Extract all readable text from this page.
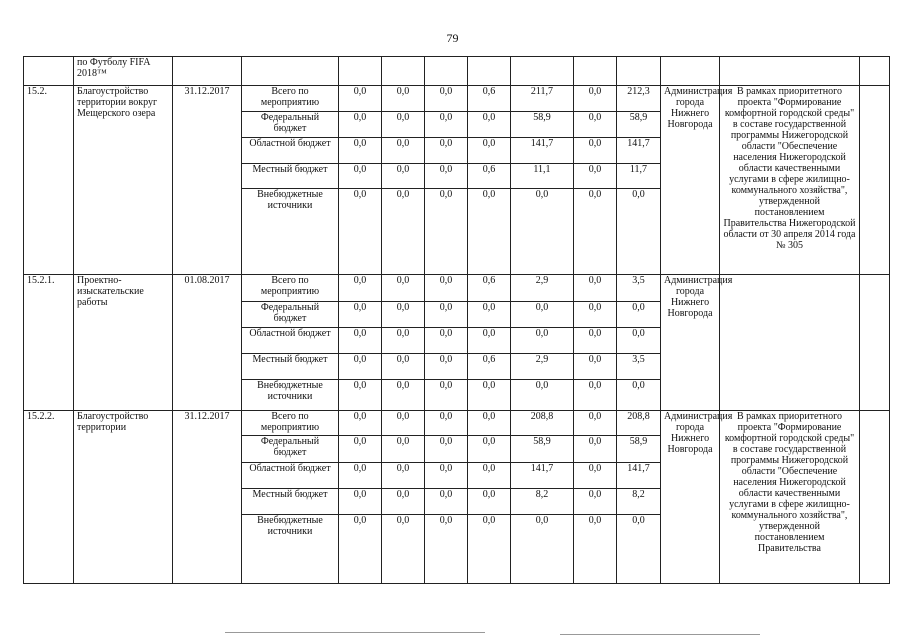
79
	по Футболу FIFA 2018™												
15.2.	Благоустройство территории вокруг Мещерского озера	31.12.2017	Всего по мероприятию	0,0	0,0	0,0	0,6	211,7	0,0	212,3	Администрация города Нижнего Новгорода	В рамках приоритетного проекта "Формирование комфортной городской среды" в составе государственной программы Нижегородской области "Обеспечение населения Нижегородской области качественными услугами в сфере жилищно-коммунального хозяйства", утвержденной постановлением Правительства Нижегородской области от 30 апреля 2014 года № 305	
			Федеральный бюджет	0,0	0,0	0,0	0,0	58,9	0,0	58,9			
			Областной бюджет	0,0	0,0	0,0	0,0	141,7	0,0	141,7			
			Местный бюджет	0,0	0,0	0,0	0,6	11,1	0,0	11,7			
			Внебюджетные источники	0,0	0,0	0,0	0,0	0,0	0,0	0,0			
15.2.1.	Проектно-изыскательские работы	01.08.2017	Всего по мероприятию	0,0	0,0	0,0	0,6	2,9	0,0	3,5	Администрация города Нижнего Новгорода		
			Федеральный бюджет	0,0	0,0	0,0	0,0	0,0	0,0	0,0			
			Областной бюджет	0,0	0,0	0,0	0,0	0,0	0,0	0,0			
			Местный бюджет	0,0	0,0	0,0	0,6	2,9	0,0	3,5			
			Внебюджетные источники	0,0	0,0	0,0	0,0	0,0	0,0	0,0			
15.2.2.	Благоустройство территории	31.12.2017	Всего по мероприятию	0,0	0,0	0,0	0,0	208,8	0,0	208,8	Администрация города Нижнего Новгорода	В рамках приоритетного проекта "Формирование комфортной городской среды" в составе государственной программы Нижегородской области "Обеспечение населения Нижегородской области качественными услугами в сфере жилищно-коммунального хозяйства", утвержденной постановлением Правительства	
			Федеральный бюджет	0,0	0,0	0,0	0,0	58,9	0,0	58,9			
			Областной бюджет	0,0	0,0	0,0	0,0	141,7	0,0	141,7			
			Местный бюджет	0,0	0,0	0,0	0,0	8,2	0,0	8,2			
			Внебюджетные источники	0,0	0,0	0,0	0,0	0,0	0,0	0,0			
